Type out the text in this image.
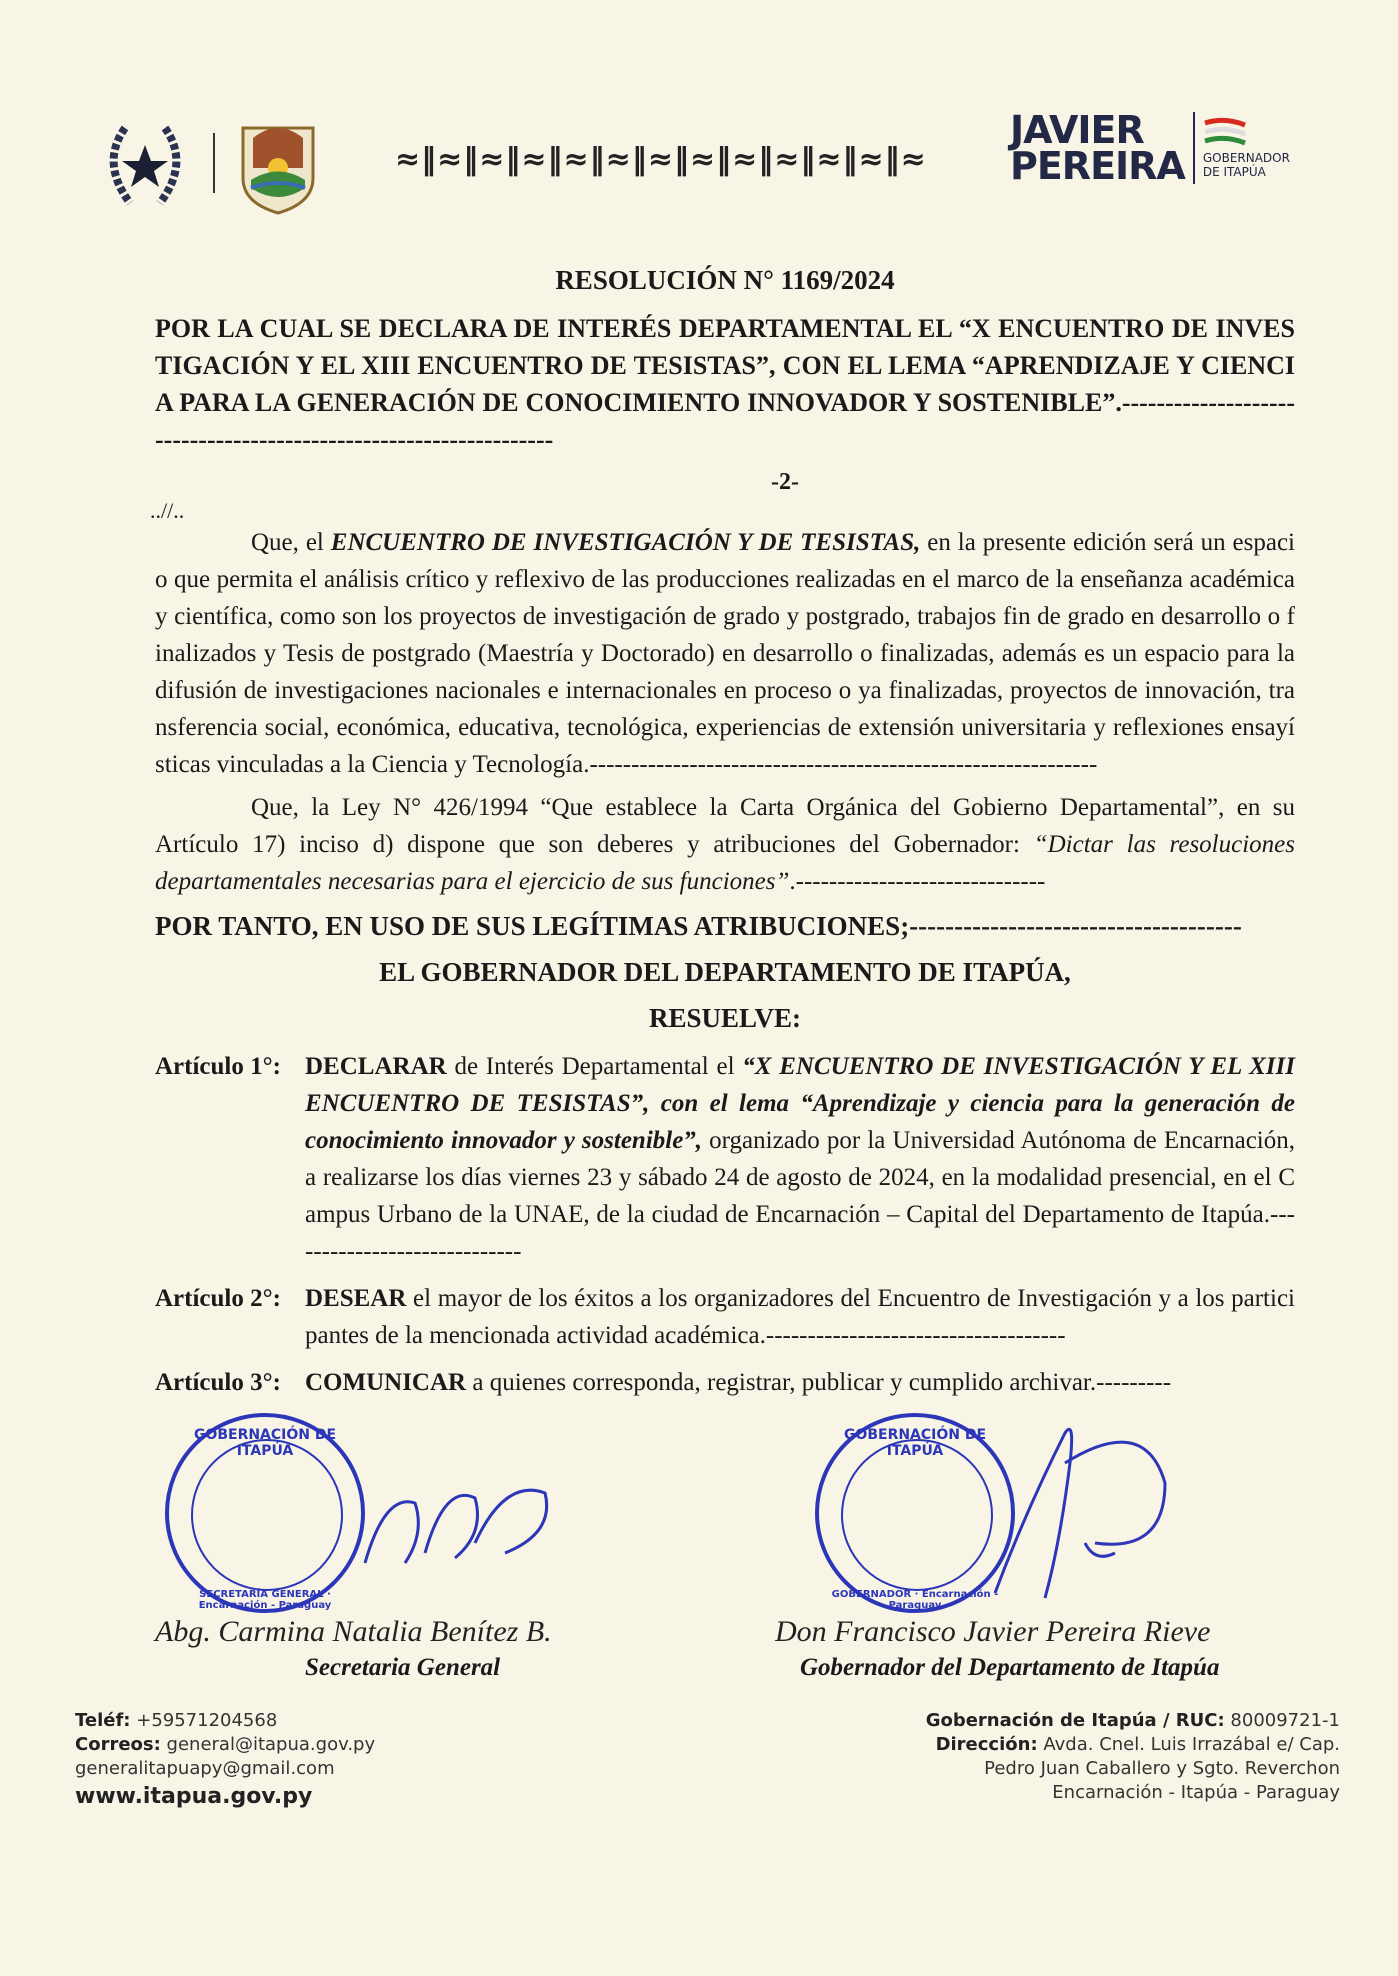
≈‖≈‖≈‖≈‖≈‖≈‖≈‖≈‖≈‖≈‖≈‖≈‖≈
JAVIER
PEREIRA GOBERNADOR
DE ITAPÚA
RESOLUCIÓN N° 1169/2024
POR LA CUAL SE DECLARA DE INTERÉS DEPARTAMENTAL EL “X ENCUENTRO DE INVESTIGACIÓN Y EL XIII ENCUENTRO DE TESISTAS”, CON EL LEMA “APRENDIZAJE Y CIENCIA PARA LA GENERACIÓN DE CONOCIMIENTO INNOVADOR Y SOSTENIBLE”.------------------------------------------------------------------
-2-
..//..

Que, el ENCUENTRO DE INVESTIGACIÓN Y DE TESISTAS, en la presente edición será un espacio que permita el análisis crítico y reflexivo de las producciones realizadas en el marco de la enseñanza académica y científica, como son los proyectos de investigación de grado y postgrado, trabajos fin de grado en desarrollo o finalizados y Tesis de postgrado (Maestría y Doctorado) en desarrollo o finalizadas, además es un espacio para la difusión de investigaciones nacionales e internacionales en proceso o ya finalizadas, proyectos de innovación, transferencia social, económica, educativa, tecnológica, experiencias de extensión universitaria y reflexiones ensayísticas vinculadas a la Ciencia y Tecnología.-------------------------------------------------------------

Que, la Ley N° 426/1994 “Que establece la Carta Orgánica del Gobierno Departamental”, en su Artículo 17) inciso d) dispone que son deberes y atribuciones del Gobernador: “Dictar las resoluciones departamentales necesarias para el ejercicio de sus funciones”.------------------------------

POR TANTO, EN USO DE SUS LEGÍTIMAS ATRIBUCIONES;-------------------------------------
EL GOBERNADOR DEL DEPARTAMENTO DE ITAPÚA,
RESUELVE:
Artículo 1°: DECLARAR de Interés Departamental el “X ENCUENTRO DE INVESTIGACIÓN Y EL XIII ENCUENTRO DE TESISTAS”, con el lema “Aprendizaje y ciencia para la generación de conocimiento innovador y sostenible”, organizado por la Universidad Autónoma de Encarnación, a realizarse los días viernes 23 y sábado 24 de agosto de 2024, en la modalidad presencial, en el Campus Urbano de la UNAE, de la ciudad de Encarnación – Capital del Departamento de Itapúa.-----------------------------
Artículo 2°: DESEAR el mayor de los éxitos a los organizadores del Encuentro de Investigación y a los participantes de la mencionada actividad académica.------------------------------------
Artículo 3°: COMUNICAR a quienes corresponda, registrar, publicar y cumplido archivar.---------
GOBERNACIÓN DE ITAPÚA
SECRETARÍA GENERAL · Encarnación - Paraguay
Abg. Carmina Natalia Benítez B.
Secretaria General
GOBERNACIÓN DE ITAPÚA
GOBERNADOR · Encarnación - Paraguay
Don Francisco Javier Pereira Rieve
Gobernador del Departamento de Itapúa
Teléf: +59571204568
Correos: general@itapua.gov.py
generalitapuapy@gmail.com
www.itapua.gov.py
Gobernación de Itapúa / RUC: 80009721-1
Dirección: Avda. Cnel. Luis Irrazábal e/ Cap.
Pedro Juan Caballero y Sgto. Reverchon
Encarnación - Itapúa - Paraguay
